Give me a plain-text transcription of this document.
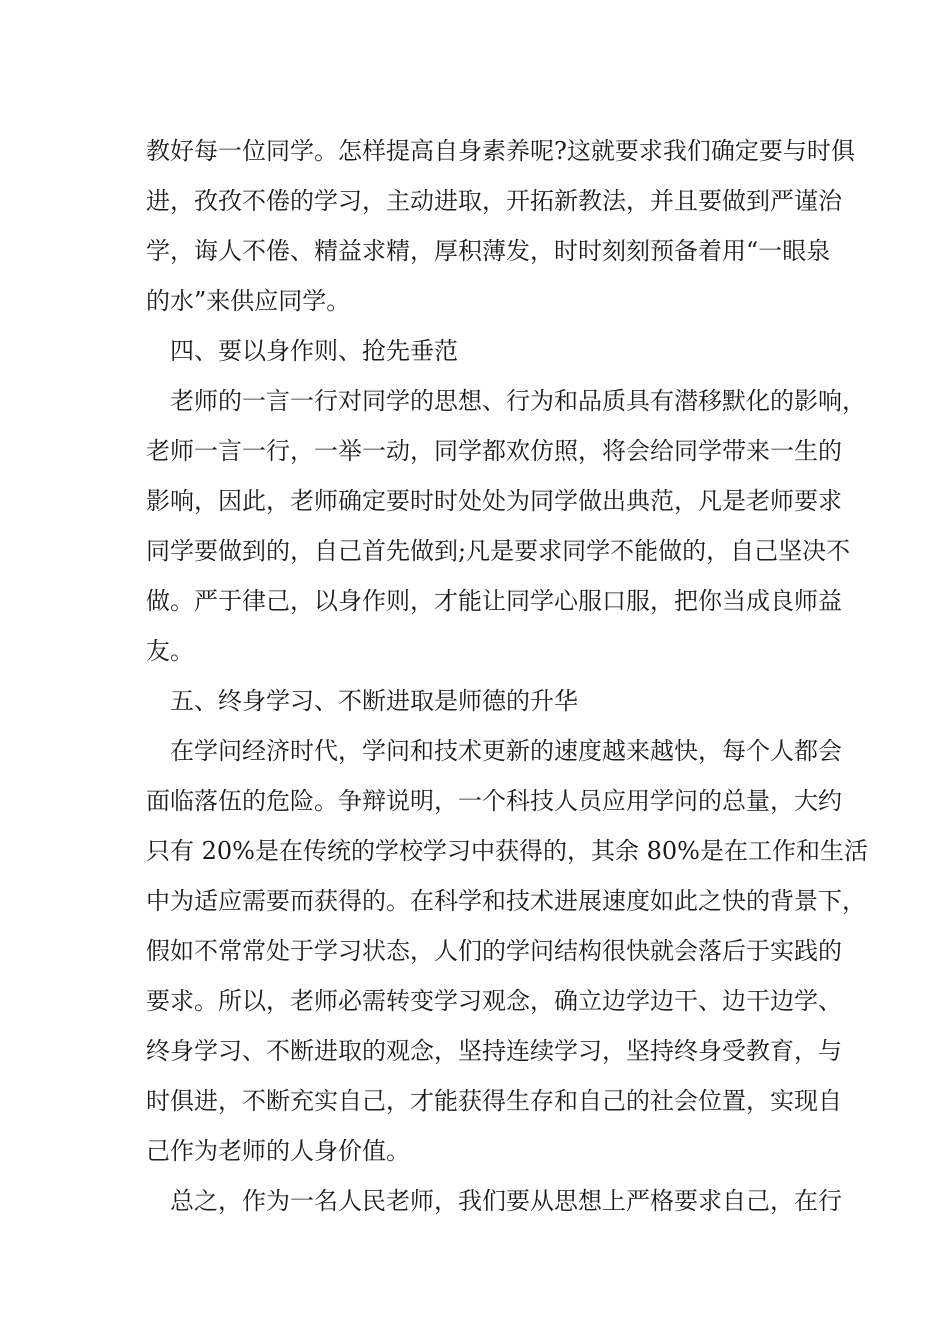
教好每一位同学。怎样提高自身素养呢?这就要求我们确定要与时俱

进，孜孜不倦的学习，主动进取，开拓新教法，并且要做到严谨治

学，诲人不倦、精益求精，厚积薄发，时时刻刻预备着用“一眼泉

的水”来供应同学。

四、要以身作则、抢先垂范

老师的一言一行对同学的思想、行为和品质具有潜移默化的影响，

老师一言一行，一举一动，同学都欢仿照，将会给同学带来一生的

影响，因此，老师确定要时时处处为同学做出典范，凡是老师要求

同学要做到的，自己首先做到;凡是要求同学不能做的，自己坚决不

做。严于律己，以身作则，才能让同学心服口服，把你当成良师益

友。

五、终身学习、不断进取是师德的升华

在学问经济时代，学问和技术更新的速度越来越快，每个人都会

面临落伍的危险。争辩说明，一个科技人员应用学问的总量，大约

只有 20%是在传统的学校学习中获得的，其余 80%是在工作和生活

中为适应需要而获得的。在科学和技术进展速度如此之快的背景下，

假如不常常处于学习状态，人们的学问结构很快就会落后于实践的

要求。所以，老师必需转变学习观念，确立边学边干、边干边学、

终身学习、不断进取的观念，坚持连续学习，坚持终身受教育，与

时俱进，不断充实自己，才能获得生存和自己的社会位置，实现自

己作为老师的人身价值。

总之，作为一名人民老师，我们要从思想上严格要求自己，在行
